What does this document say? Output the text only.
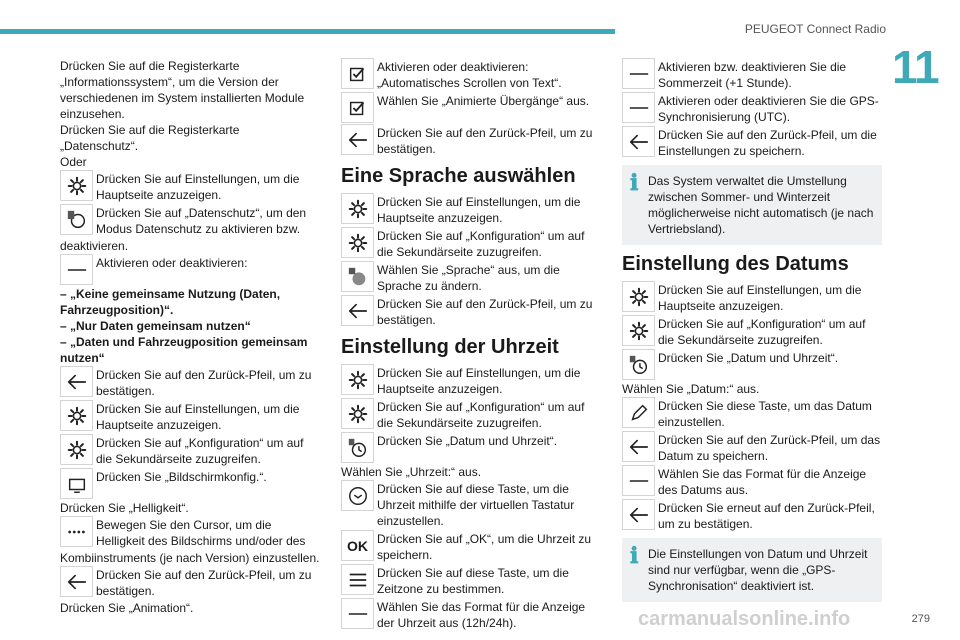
PEUGEOT Connect Radio
11
Drücken Sie auf die Registerkarte „Informationssystem“, um die Version der verschiedenen im System installierten Module einzusehen.
Drücken Sie auf die Registerkarte „Datenschutz“.
Oder
Drücken Sie auf Einstellungen, um die Hauptseite anzuzeigen.
Drücken Sie auf „Datenschutz“, um den Modus Datenschutz zu aktivieren bzw.
deaktivieren.
Aktivieren oder deaktivieren:
– „Keine gemeinsame Nutzung (Daten, Fahrzeugposition)“.
– „Nur Daten gemeinsam nutzen“
– „Daten und Fahrzeugposition gemeinsam nutzen“
Drücken Sie auf den Zurück-Pfeil, um zu bestätigen.
Drücken Sie auf Einstellungen, um die Hauptseite anzuzeigen.
Drücken Sie auf „Konfiguration“ um auf die Sekundärseite zuzugreifen.
Drücken Sie „Bildschirmkonfig.“.
Drücken Sie „Helligkeit“.
Bewegen Sie den Cursor, um die Helligkeit des Bildschirms und/oder des
Kombiinstruments (je nach Version) einzustellen.
Drücken Sie auf den Zurück-Pfeil, um zu bestätigen.
Drücken Sie „Animation“.
Aktivieren oder deaktivieren: „Automatisches Scrollen von Text“.
Wählen Sie „Animierte Übergänge“ aus.
Drücken Sie auf den Zurück-Pfeil, um zu bestätigen.
Eine Sprache auswählen
Drücken Sie auf Einstellungen, um die Hauptseite anzuzeigen.
Drücken Sie auf „Konfiguration“ um auf die Sekundärseite zuzugreifen.
Wählen Sie „Sprache“ aus, um die Sprache zu ändern.
Drücken Sie auf den Zurück-Pfeil, um zu bestätigen.
Einstellung der Uhrzeit
Drücken Sie auf Einstellungen, um die Hauptseite anzuzeigen.
Drücken Sie auf „Konfiguration“ um auf die Sekundärseite zuzugreifen.
Drücken Sie „Datum und Uhrzeit“.
Wählen Sie „Uhrzeit:“ aus.
Drücken Sie auf diese Taste, um die Uhrzeit mithilfe der virtuellen Tastatur einzustellen.
OK Drücken Sie auf „OK“, um die Uhrzeit zu speichern.
Drücken Sie auf diese Taste, um die Zeitzone zu bestimmen.
Wählen Sie das Format für die Anzeige der Uhrzeit aus (12h/24h).
Aktivieren bzw. deaktivieren Sie die Sommerzeit (+1 Stunde).
Aktivieren oder deaktivieren Sie die GPS-Synchronisierung (UTC).
Drücken Sie auf den Zurück-Pfeil, um die Einstellungen zu speichern.
ℹ Das System verwaltet die Umstellung zwischen Sommer- und Winterzeit möglicherweise nicht automatisch (je nach Vertriebsland).
Einstellung des Datums
Drücken Sie auf Einstellungen, um die Hauptseite anzuzeigen.
Drücken Sie auf „Konfiguration“ um auf die Sekundärseite zuzugreifen.
Drücken Sie „Datum und Uhrzeit“.
Wählen Sie „Datum:“ aus.
Drücken Sie diese Taste, um das Datum einzustellen.
Drücken Sie auf den Zurück-Pfeil, um das Datum zu speichern.
Wählen Sie das Format für die Anzeige des Datums aus.
Drücken Sie erneut auf den Zurück-Pfeil, um zu bestätigen.
ℹ Die Einstellungen von Datum und Uhrzeit sind nur verfügbar, wenn die „GPS-Synchronisation“ deaktiviert ist.
carmanualsonline.info	279
